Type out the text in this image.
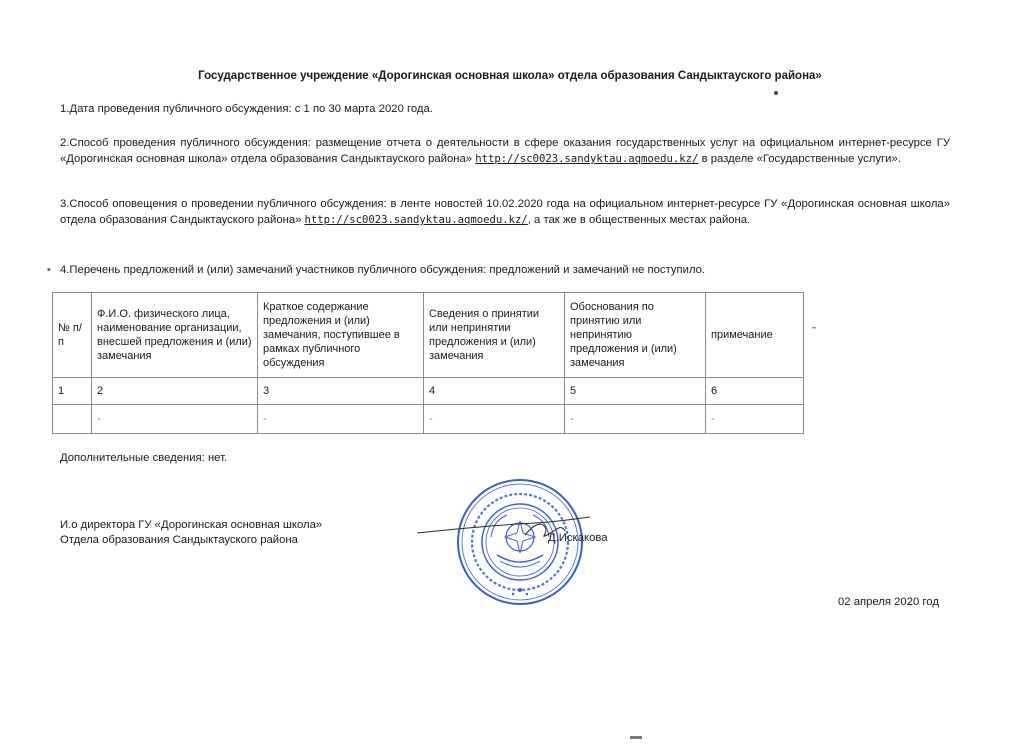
Государственное учреждение «Дорогинская основная школа» отдела образования Сандыктауского района»
1.Дата проведения публичного обсуждения: с 1 по 30 марта 2020 года.
2.Способ проведения публичного обсуждения: размещение отчета о деятельности в сфере оказания государственных услуг на официальном интернет-ресурсе ГУ «Дорогинская основная школа» отдела образования Сандыктауского района» http://sc0023.sandyktau.aqmoedu.kz/ в разделе «Государственные услуги».
3.Способ оповещения о проведении публичного обсуждения: в ленте новостей 10.02.2020 года на официальном интернет-ресурсе ГУ «Дорогинская основная школа» отдела образования Сандыктауского района» http://sc0023.sandyktau.aqmoedu.kz/, а так же в общественных местах района.
▪ 4.Перечень предложений и (или) замечаний участников публичного обсуждения: предложений и замечаний не поступило.
№ п/п	Ф.И.О. физического лица, наименование организации, внесшей предложения и (или) замечания	Краткое содержание предложения и (или) замечания, поступившее в рамках публичного обсуждения	Сведения о принятии или непринятии предложения и (или) замечания	Обоснования по принятию или непринятию предложения и (или) замечания	примечание
1	2	3	4	5	6
	-	-	-	-	-
Дополнительные сведения: нет.
И.о директора ГУ «Дорогинская основная школа»
Отдела образования Сандыктауского района	Д.Искакова
02 апреля 2020 год
